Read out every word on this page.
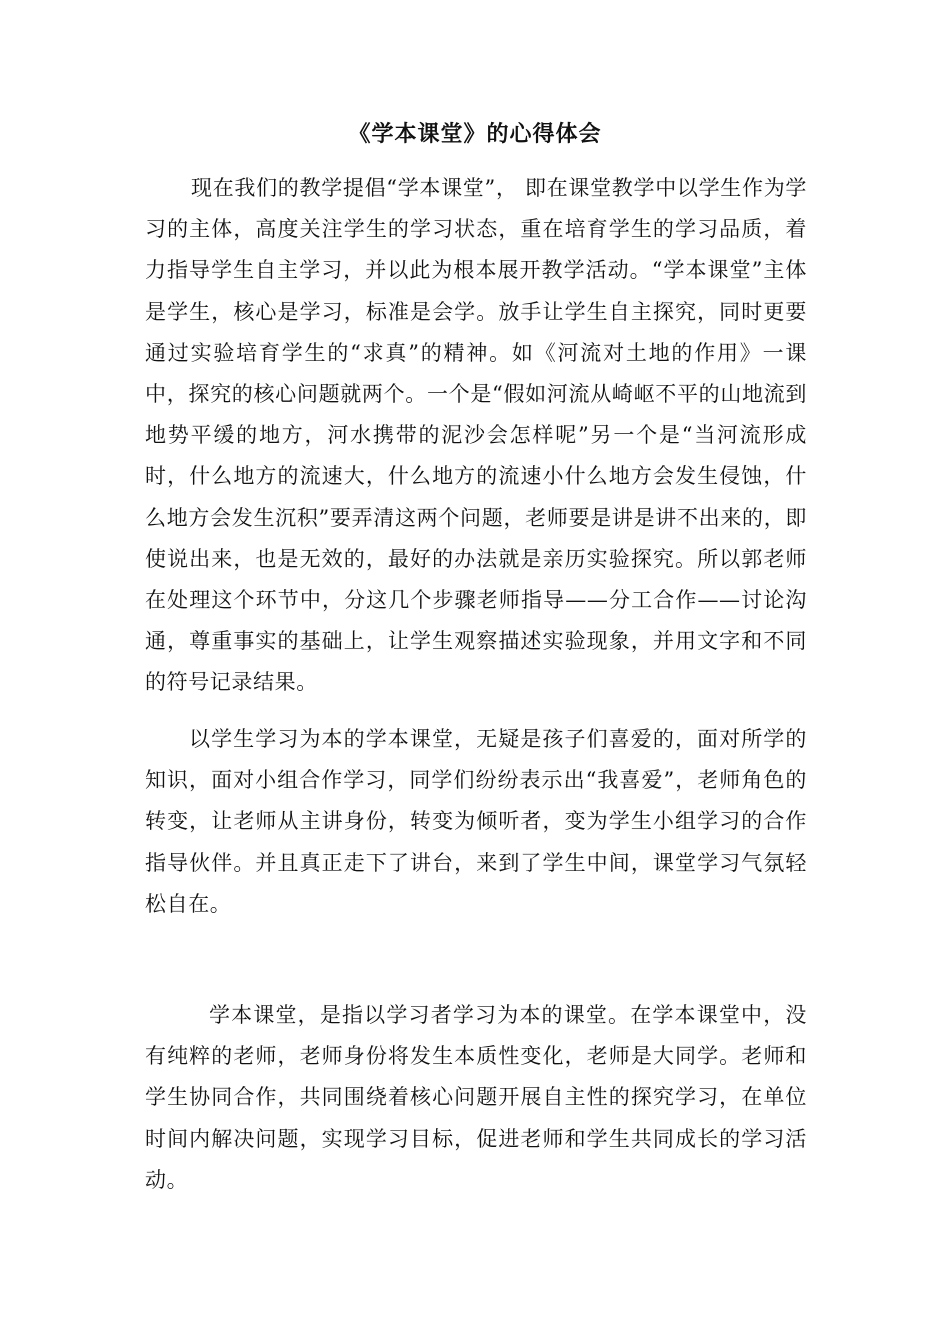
《学本课堂》的心得体会

现在我们的教学提倡“学本课堂”， 即在课堂教学中以学生作为学习的主体，高度关注学生的学习状态，重在培育学生的学习品质，着力指导学生自主学习，并以此为根本展开教学活动。“学本课堂”主体是学生，核心是学习，标准是会学。放手让学生自主探究，同时更要通过实验培育学生的“求真”的精神。如《河流对土地的作用》一课中，探究的核心问题就两个。一个是“假如河流从崎岖不平的山地流到地势平缓的地方，河水携带的泥沙会怎样呢”另一个是“当河流形成时，什么地方的流速大，什么地方的流速小什么地方会发生侵蚀，什么地方会发生沉积”要弄清这两个问题，老师要是讲是讲不出来的，即使说出来，也是无效的，最好的办法就是亲历实验探究。所以郭老师在处理这个环节中，分这几个步骤老师指导——分工合作——讨论沟通，尊重事实的基础上，让学生观察描述实验现象，并用文字和不同的符号记录结果。

以学生学习为本的学本课堂，无疑是孩子们喜爱的，面对所学的知识，面对小组合作学习，同学们纷纷表示出“我喜爱”，老师角色的转变，让老师从主讲身份，转变为倾听者，变为学生小组学习的合作指导伙伴。并且真正走下了讲台，来到了学生中间，课堂学习气氛轻松自在。

学本课堂，是指以学习者学习为本的课堂。在学本课堂中，没有纯粹的老师，老师身份将发生本质性变化，老师是大同学。老师和学生协同合作，共同围绕着核心问题开展自主性的探究学习，在单位时间内解决问题，实现学习目标，促进老师和学生共同成长的学习活动。
